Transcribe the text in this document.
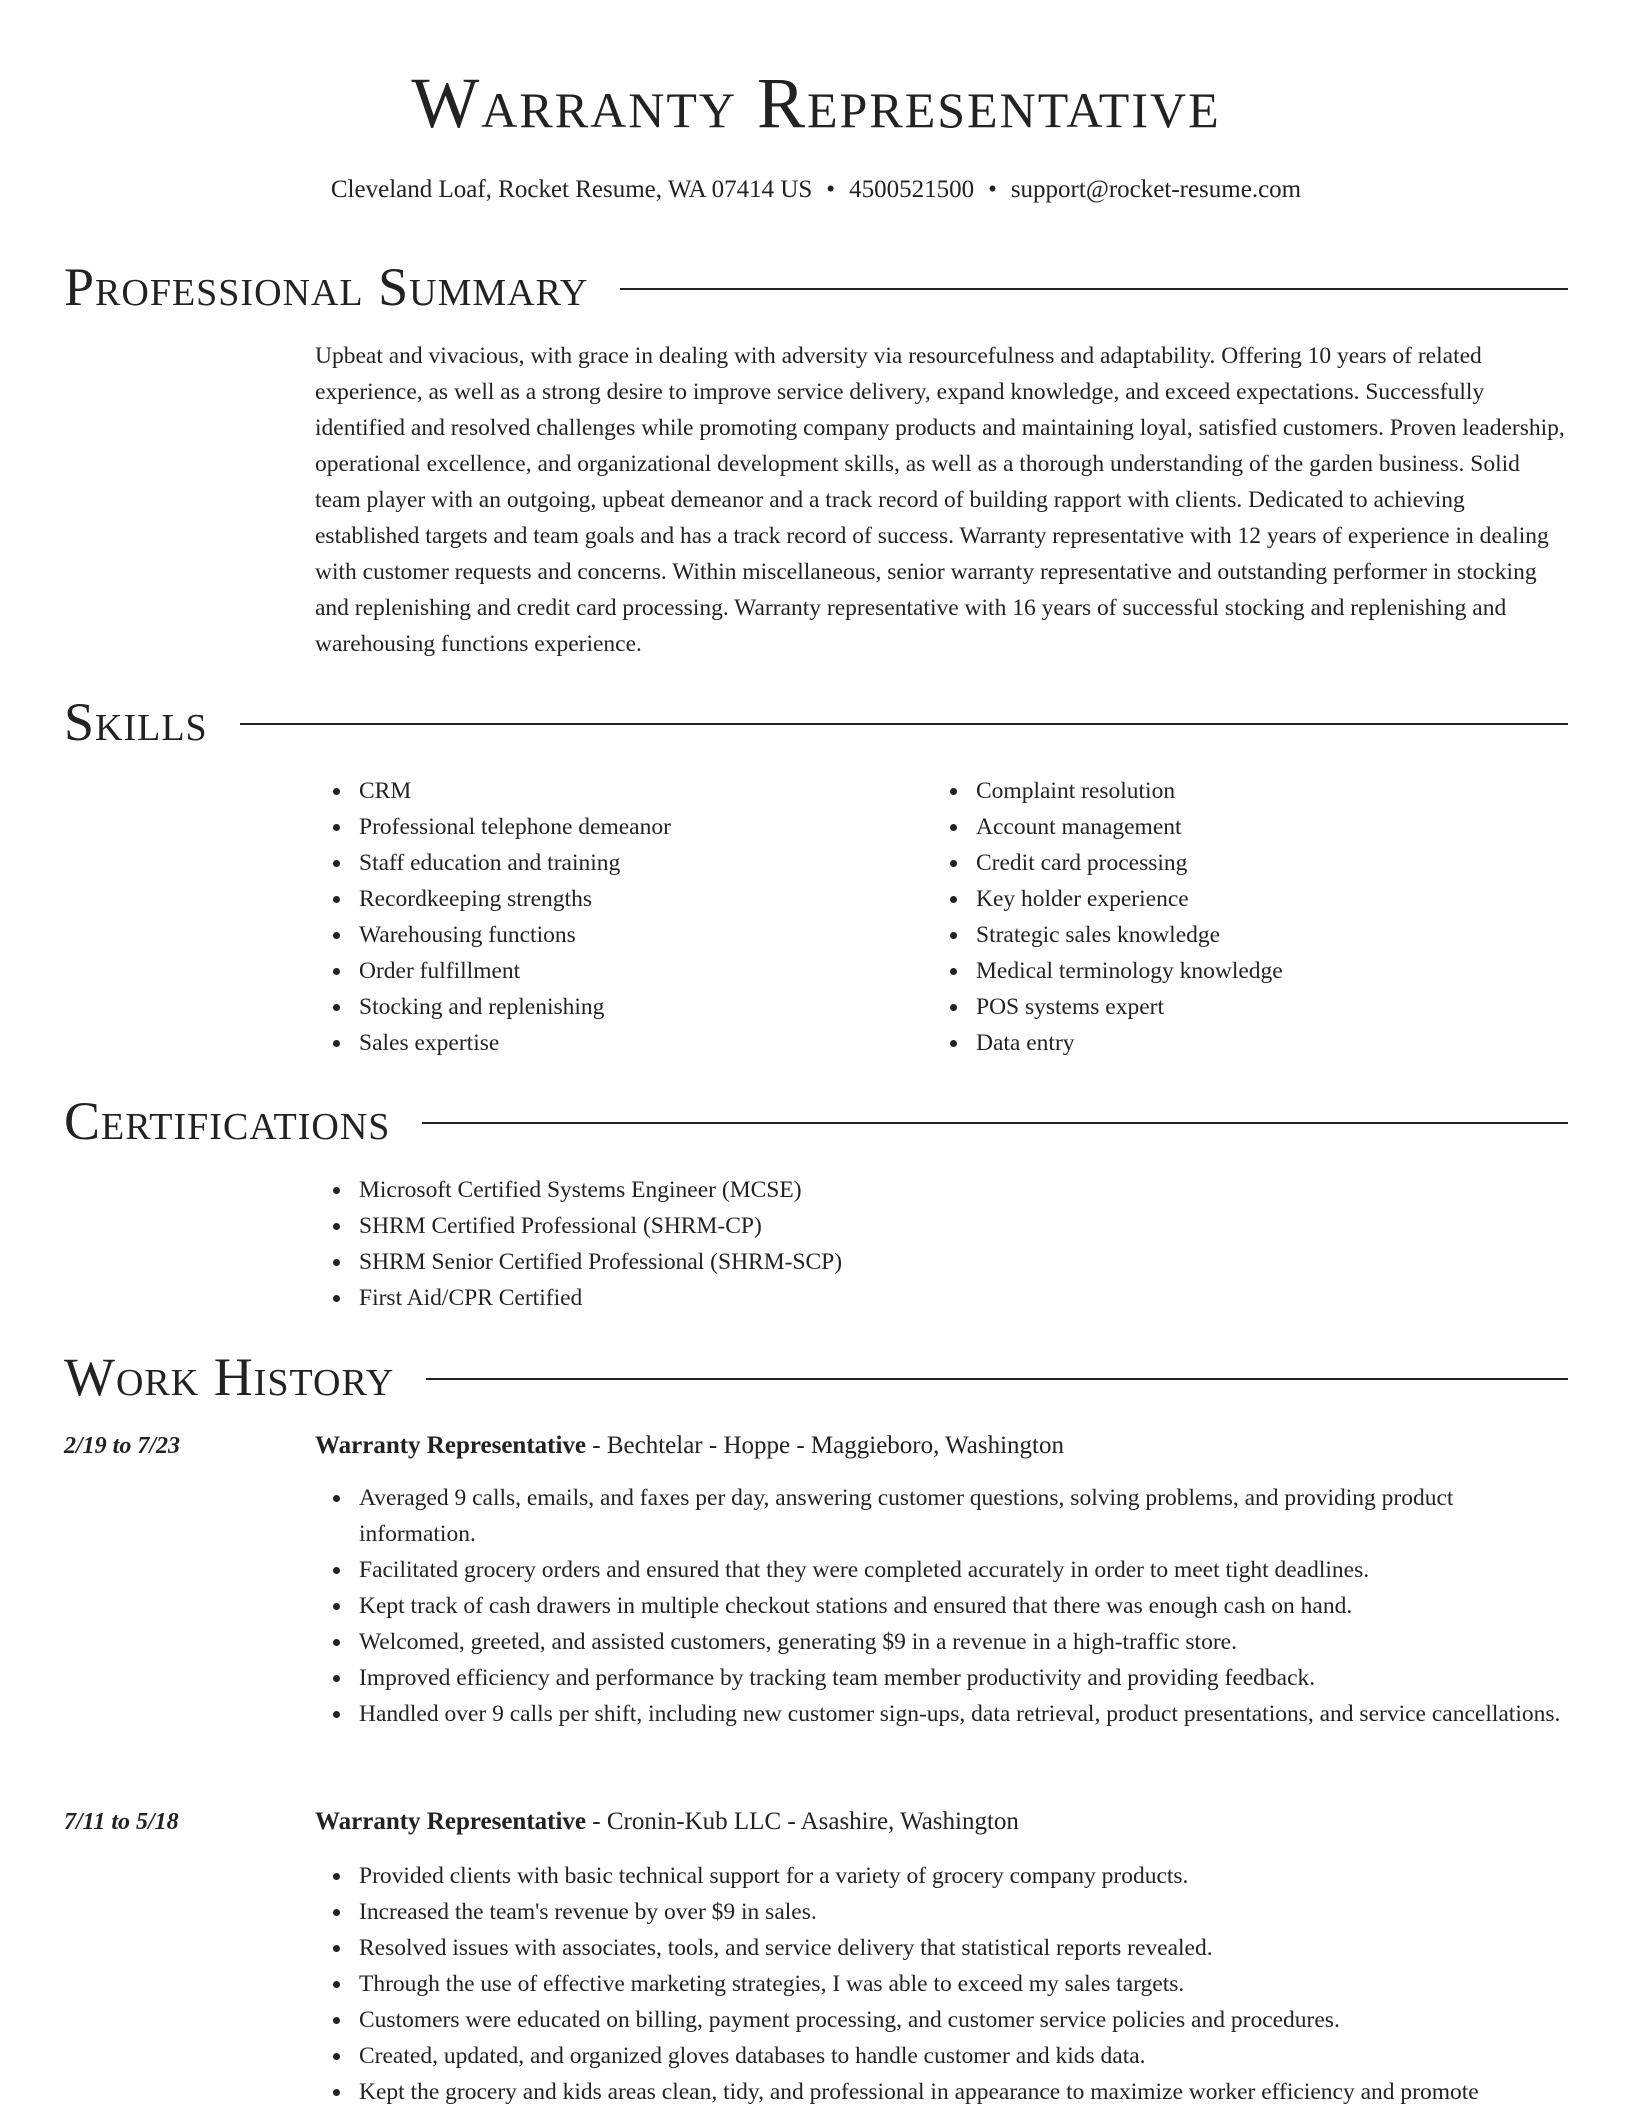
Warranty Representative
Cleveland Loaf, Rocket Resume, WA 07414 US • 4500521500 • support@rocket-resume.com
Professional Summary

Upbeat and vivacious, with grace in dealing with adversity via resourcefulness and adaptability. Offering 10 years of related experience, as well as a strong desire to improve service delivery, expand knowledge, and exceed expectations. Successfully identified and resolved challenges while promoting company products and maintaining loyal, satisfied customers. Proven leadership, operational excellence, and organizational development skills, as well as a thorough understanding of the garden business. Solid team player with an outgoing, upbeat demeanor and a track record of building rapport with clients. Dedicated to achieving established targets and team goals and has a track record of success. Warranty representative with 12 years of experience in dealing with customer requests and concerns. Within miscellaneous, senior warranty representative and outstanding performer in stocking and replenishing and credit card processing. Warranty representative with 16 years of successful stocking and replenishing and warehousing functions experience.

Skills
CRM
Professional telephone demeanor
Staff education and training
Recordkeeping strengths
Warehousing functions
Order fulfillment
Stocking and replenishing
Sales expertise
Complaint resolution
Account management
Credit card processing
Key holder experience
Strategic sales knowledge
Medical terminology knowledge
POS systems expert
Data entry
Certifications
Microsoft Certified Systems Engineer (MCSE)
SHRM Certified Professional (SHRM-CP)
SHRM Senior Certified Professional (SHRM-SCP)
First Aid/CPR Certified
Work History
2/19 to 7/23	Warranty Representative - Bechtelar - Hoppe - Maggieboro, Washington
Averaged 9 calls, emails, and faxes per day, answering customer questions, solving problems, and providing product information.
Facilitated grocery orders and ensured that they were completed accurately in order to meet tight deadlines.
Kept track of cash drawers in multiple checkout stations and ensured that there was enough cash on hand.
Welcomed, greeted, and assisted customers, generating $9 in a revenue in a high-traffic store.
Improved efficiency and performance by tracking team member productivity and providing feedback.
Handled over 9 calls per shift, including new customer sign-ups, data retrieval, product presentations, and service cancellations.
7/11 to 5/18	Warranty Representative - Cronin-Kub LLC - Asashire, Washington
Provided clients with basic technical support for a variety of grocery company products.
Increased the team's revenue by over $9 in sales.
Resolved issues with associates, tools, and service delivery that statistical reports revealed.
Through the use of effective marketing strategies, I was able to exceed my sales targets.
Customers were educated on billing, payment processing, and customer service policies and procedures.
Created, updated, and organized gloves databases to handle customer and kids data.
Kept the grocery and kids areas clean, tidy, and professional in appearance to maximize worker efficiency and promote
